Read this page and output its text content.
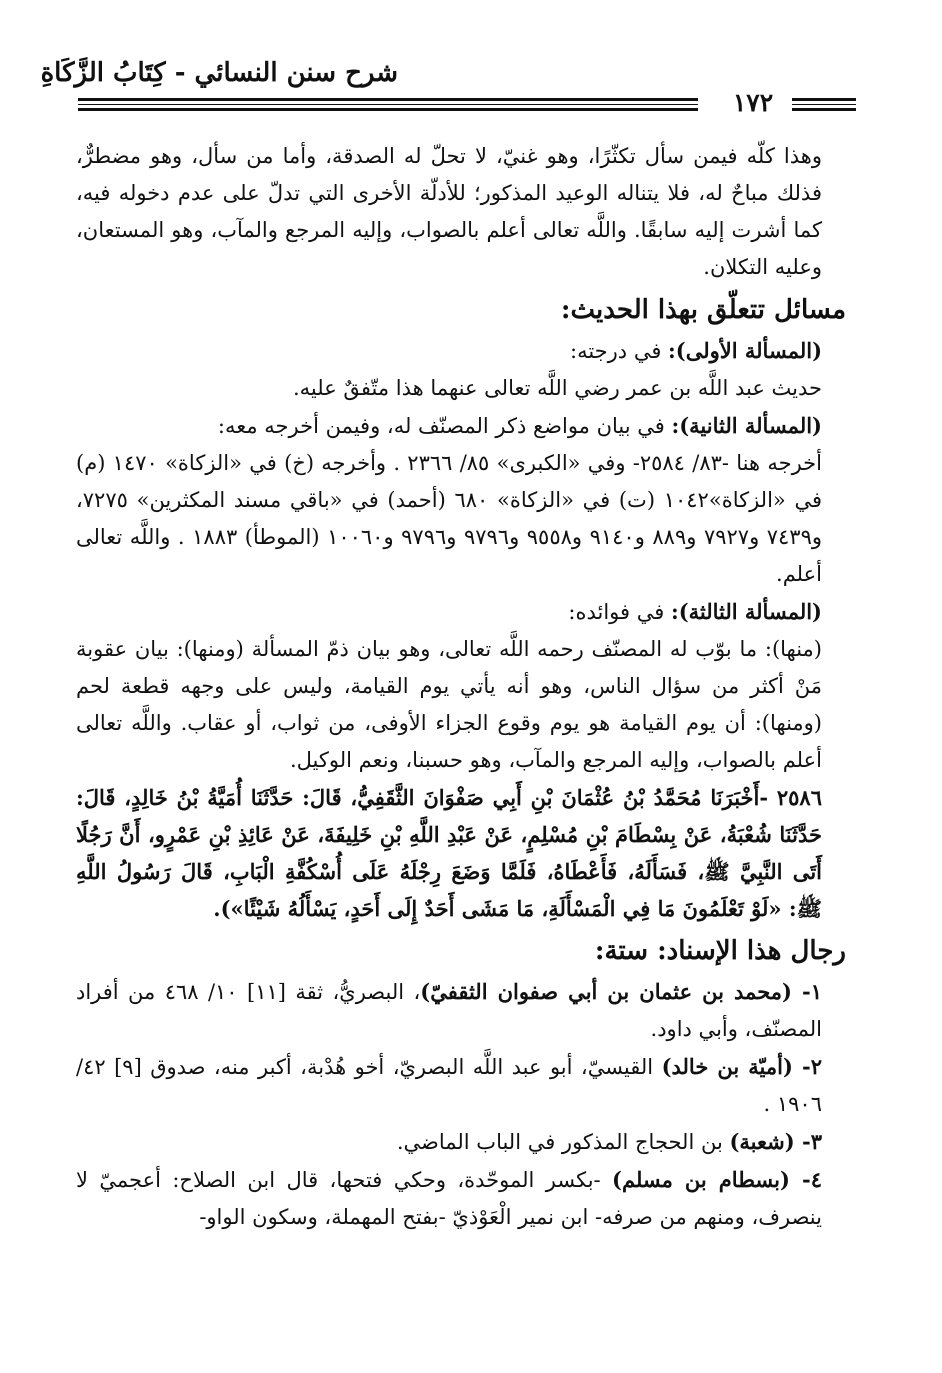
شرح سنن النسائي - كِتَابُ الزَّكَاةِ
١٧٢

وهذا كلّه فيمن سأل تكثّرًا، وهو غنيّ، لا تحلّ له الصدقة، وأما من سأل، وهو مضطرٌّ، فذلك مباحٌ له، فلا يتناله الوعيد المذكور؛ للأدلّة الأخرى التي تدلّ على عدم دخوله فيه، كما أشرت إليه سابقًا. واللَّه تعالى أعلم بالصواب، وإليه المرجع والمآب، وهو المستعان، وعليه التكلان.

مسائل تتعلّق بهذا الحديث:

(المسألة الأولى): في درجته:

حديث عبد اللَّه بن عمر رضي اللَّه تعالى عنهما هذا متّفقٌ عليه.

(المسألة الثانية): في بيان مواضع ذكر المصنّف له، وفيمن أخرجه معه:

أخرجه هنا -٨٣/ ٢٥٨٤- وفي «الكبرى» ٨٥/ ٢٣٦٦ . وأخرجه (خ) في «الزكاة» ١٤٧٠ (م) في «الزكاة»١٠٤٢ (ت) في «الزكاة» ٦٨٠ (أحمد) في «باقي مسند المكثرين» ٧٢٧٥، و٧٤٣٩ و٧٩٢٧ و٨٨٩ و٩١٤٠ و٩٥٥٨ و٩٧٩٦ و٩٧٩٦ و١٠٠٦٠ (الموطأ) ١٨٨٣ . واللَّه تعالى أعلم.

(المسألة الثالثة): في فوائده:

(منها): ما بوّب له المصنّف رحمه اللَّه تعالى، وهو بيان ذمّ المسألة (ومنها): بيان عقوبة مَنْ أكثر من سؤال الناس، وهو أنه يأتي يوم القيامة، وليس على وجهه قطعة لحم (ومنها): أن يوم القيامة هو يوم وقوع الجزاء الأوفى، من ثواب، أو عقاب. واللَّه تعالى أعلم بالصواب، وإليه المرجع والمآب، وهو حسبنا، ونعم الوكيل.

٢٥٨٦ -أَخْبَرَنَا مُحَمَّدُ بْنُ عُثْمَانَ بْنِ أَبِي صَفْوَانَ الثَّقَفِيُّ، قَالَ: حَدَّثَنَا أُمَيَّةُ بْنُ خَالِدٍ، قَالَ: حَدَّثَنَا شُعْبَةُ، عَنْ بِسْطَامَ بْنِ مُسْلِمٍ، عَنْ عَبْدِ اللَّهِ بْنِ خَلِيفَةَ، عَنْ عَائِذِ بْنِ عَمْرٍو، أَنَّ رَجُلًا أَتَى النَّبِيَّ ﷺ، فَسَأَلَهُ، فَأَعْطَاهُ، فَلَمَّا وَضَعَ رِجْلَهُ عَلَى أُسْكُفَّةِ الْبَابِ، قَالَ رَسُولُ اللَّهِ ﷺ: «لَوْ تَعْلَمُونَ مَا فِي الْمَسْأَلَةِ، مَا مَشَى أَحَدٌ إِلَى أَحَدٍ، يَسْأَلُهُ شَيْئًا»).

رجال هذا الإسناد: ستة:

١- (محمد بن عثمان بن أبي صفوان الثقفيّ)، البصريُّ، ثقة [١١] ١٠/ ٤٦٨ من أفراد المصنّف، وأبي داود.

٢- (أميّة بن خالد) القيسيّ، أبو عبد اللَّه البصريّ، أخو هُدْبة، أكبر منه، صدوق [٩] ٤٢/ ١٩٠٦ .

٣- (شعبة) بن الحجاج المذكور في الباب الماضي.

٤- (بسطام بن مسلم) -بكسر الموحّدة، وحكي فتحها، قال ابن الصلاح: أعجميّ لا ينصرف، ومنهم من صرفه- ابن نمير الْعَوْذيّ -بفتح المهملة، وسكون الواو-
